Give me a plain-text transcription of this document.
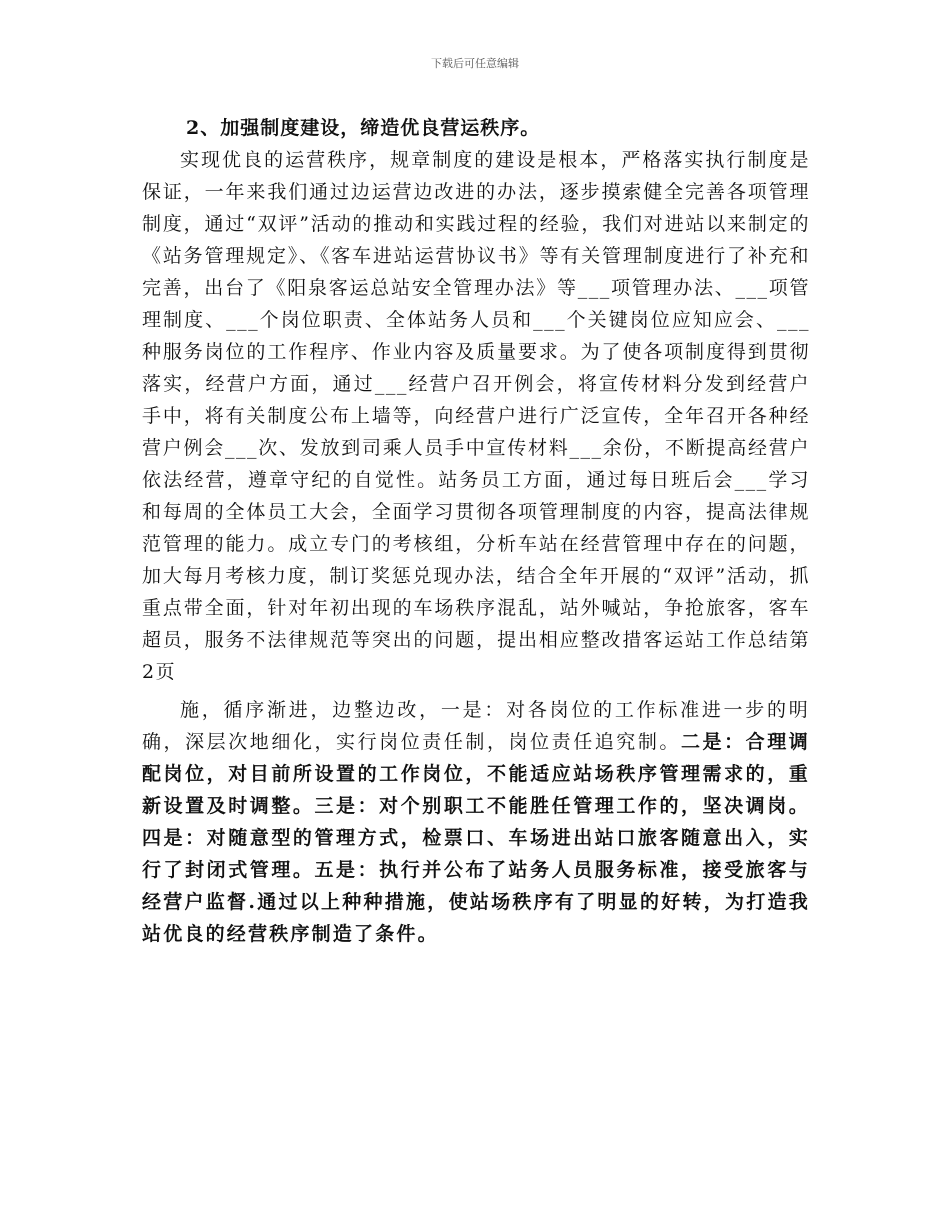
下载后可任意编辑
2、加强制度建设，缔造优良营运秩序。

实现优良的运营秩序，规章制度的建设是根本，严格落实执行制度是保证，一年来我们通过边运营边改进的办法，逐步摸索健全完善各项管理制度，通过“双评”活动的推动和实践过程的经验，我们对进站以来制定的《站务管理规定》、《客车进站运营协议书》等有关管理制度进行了补充和完善，出台了《阳泉客运总站安全管理办法》等___项管理办法、___项管理制度、___个岗位职责、全体站务人员和___个关键岗位应知应会、___种服务岗位的工作程序、作业内容及质量要求。为了使各项制度得到贯彻落实，经营户方面，通过___经营户召开例会，将宣传材料分发到经营户手中，将有关制度公布上墙等，向经营户进行广泛宣传，全年召开各种经营户例会___次、发放到司乘人员手中宣传材料___余份，不断提高经营户依法经营，遵章守纪的自觉性。站务员工方面，通过每日班后会___学习和每周的全体员工大会，全面学习贯彻各项管理制度的内容，提高法律规范管理的能力。成立专门的考核组，分析车站在经营管理中存在的问题，加大每月考核力度，制订奖惩兑现办法，结合全年开展的“双评”活动，抓重点带全面，针对年初出现的车场秩序混乱，站外喊站，争抢旅客，客车超员，服务不法律规范等突出的问题，提出相应整改措客运站工作总结第2页

施，循序渐进，边整边改，一是：对各岗位的工作标准进一步的明确，深层次地细化，实行岗位责任制，岗位责任追究制。二是：合理调配岗位，对目前所设置的工作岗位，不能适应站场秩序管理需求的，重新设置及时调整。三是：对个别职工不能胜任管理工作的，坚决调岗。四是：对随意型的管理方式，检票口、车场进出站口旅客随意出入，实行了封闭式管理。五是：执行并公布了站务人员服务标准，接受旅客与经营户监督.通过以上种种措施，使站场秩序有了明显的好转，为打造我站优良的经营秩序制造了条件。
